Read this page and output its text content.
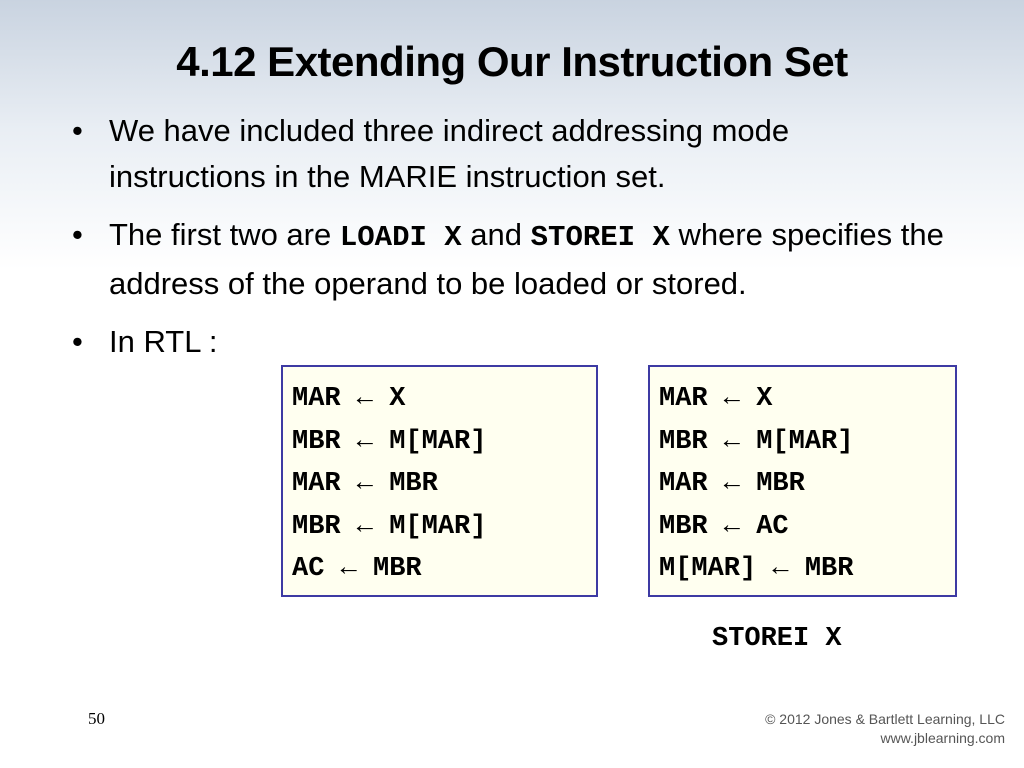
4.12 Extending Our Instruction Set
• We have included three indirect addressing mode instructions in the MARIE instruction set.
• The first two are LOADI X and STOREI X where specifies the address of the operand to be loaded or stored.
• In RTL :
MAR ← X
MBR ← M[MAR]
MAR ← MBR
MBR ← M[MAR]
AC ← MBR
MAR ← X
MBR ← M[MAR]
MAR ← MBR
MBR ← AC
M[MAR] ← MBR
STOREI X
50	© 2012 Jones & Bartlett Learning, LLC
www.jblearning.com
